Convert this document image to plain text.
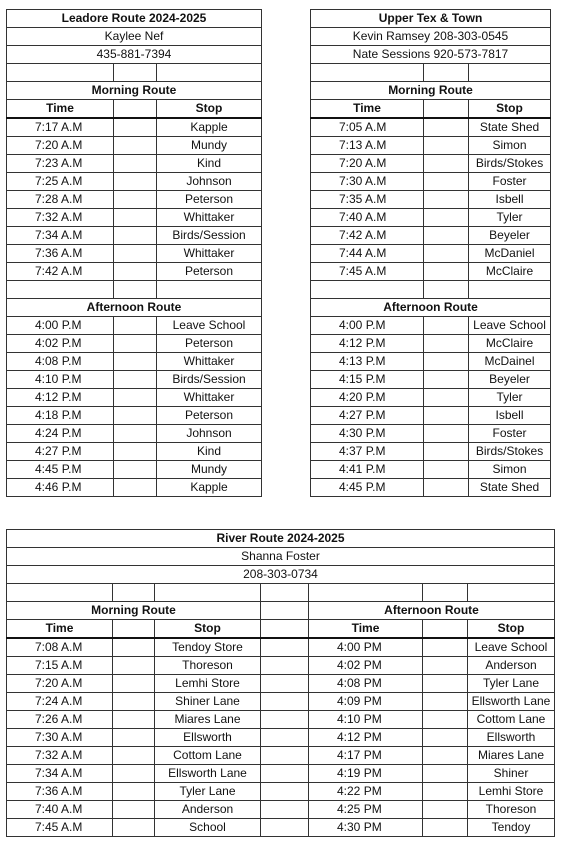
Leadore Route 2024-2025		
Kaylee Nef		
435-881-7394		

Morning Route		
Time		Stop
7:17 A.M		Kapple
7:20 A.M		Mundy
7:23 A.M		Kind
7:25 A.M		Johnson
7:28 A.M		Peterson
7:32 A.M		Whittaker
7:34 A.M		Birds/Session
7:36 A.M		Whittaker
7:42 A.M		Peterson

Afternoon Route		
4:00 P.M		Leave School
4:02 P.M		Peterson
4:08 P.M		Whittaker
4:10 P.M		Birds/Session
4:12 P.M		Whittaker
4:18 P.M		Peterson
4:24 P.M		Johnson
4:27 P.M		Kind
4:45 P.M		Mundy
4:46 P.M		Kapple
Upper Tex & Town		
Kevin Ramsey 208-303-0545		
Nate Sessions 920-573-7817		

Morning Route		
Time		Stop
7:05 A.M		State Shed
7:13 A.M		Simon
7:20 A.M		Birds/Stokes
7:30 A.M		Foster
7:35 A.M		Isbell
7:40 A.M		Tyler
7:42 A.M		Beyeler
7:44 A.M		McDaniel
7:45 A.M		McClaire

Afternoon Route		
4:00 P.M		Leave School
4:12 P.M		McClaire
4:13 P.M		McDainel
4:15 P.M		Beyeler
4:20 P.M		Tyler
4:27 P.M		Isbell
4:30 P.M		Foster
4:37 P.M		Birds/Stokes
4:41 P.M		Simon
4:45 P.M		State Shed
River Route 2024-2025						
Shanna Foster						
208-303-0734						

Morning Route				Afternoon Route		
Time		Stop		Time		Stop
7:08 A.M		Tendoy Store		4:00 PM		Leave School
7:15 A.M		Thoreson		4:02 PM		Anderson
7:20 A.M		Lemhi Store		4:08 PM		Tyler Lane
7:24 A.M		Shiner Lane		4:09 PM		Ellsworth Lane
7:26 A.M		Miares Lane		4:10 PM		Cottom Lane
7:30 A.M		Ellsworth		4:12 PM		Ellsworth
7:32 A.M		Cottom Lane		4:17 PM		Miares Lane
7:34 A.M		Ellsworth Lane		4:19 PM		Shiner
7:36 A.M		Tyler Lane		4:22 PM		Lemhi Store
7:40 A.M		Anderson		4:25 PM		Thoreson
7:45 A.M		School		4:30 PM		Tendoy
